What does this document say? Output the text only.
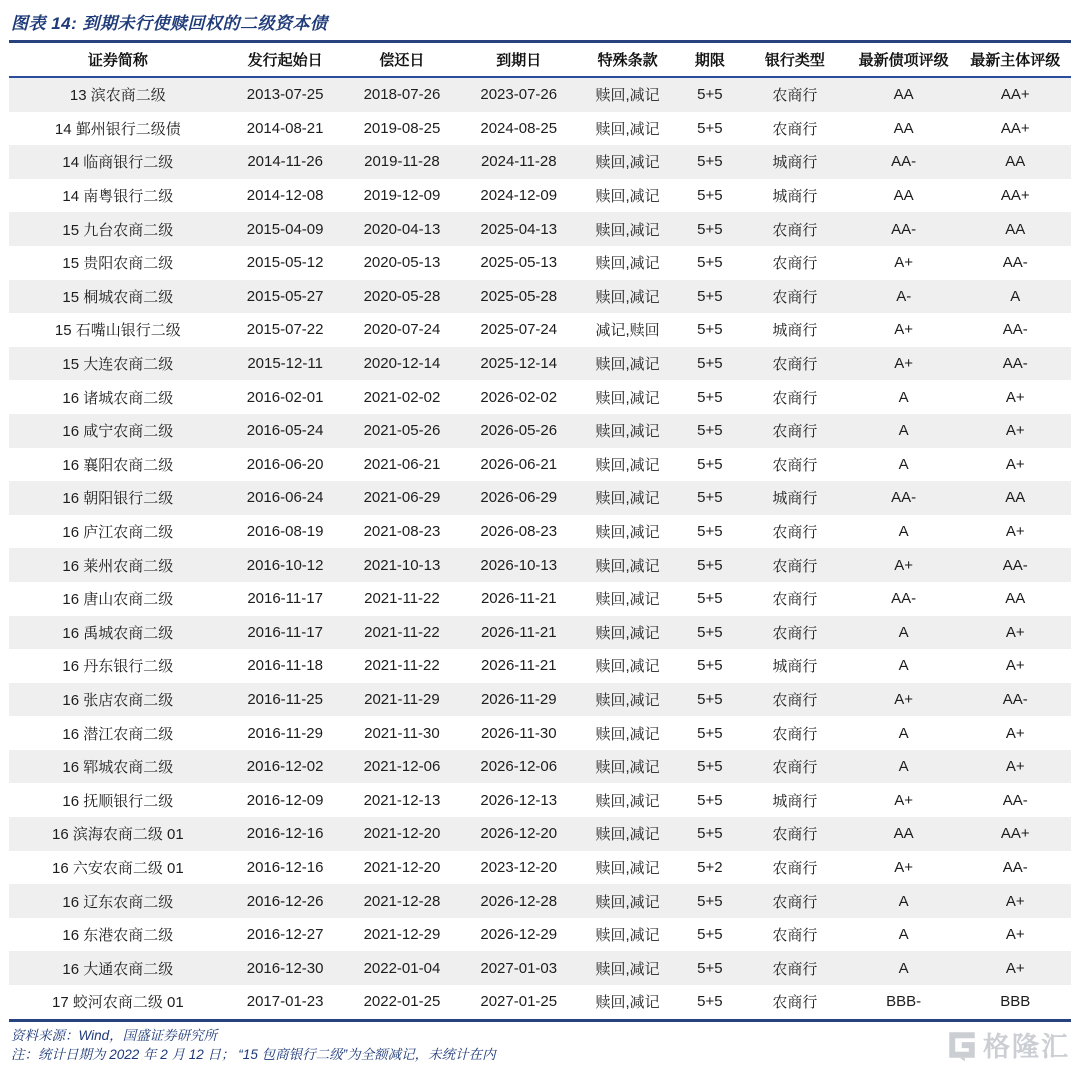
图表 14: 到期未行使赎回权的二级资本债
证券简称	发行起始日	偿还日	到期日	特殊条款	期限	银行类型	最新债项评级	最新主体评级
13 滨农商二级	2013-07-25	2018-07-26	2023-07-26	赎回,减记	5+5	农商行	AA	AA+
14 鄞州银行二级债	2014-08-21	2019-08-25	2024-08-25	赎回,减记	5+5	农商行	AA	AA+
14 临商银行二级	2014-11-26	2019-11-28	2024-11-28	赎回,减记	5+5	城商行	AA-	AA
14 南粤银行二级	2014-12-08	2019-12-09	2024-12-09	赎回,减记	5+5	城商行	AA	AA+
15 九台农商二级	2015-04-09	2020-04-13	2025-04-13	赎回,减记	5+5	农商行	AA-	AA
15 贵阳农商二级	2015-05-12	2020-05-13	2025-05-13	赎回,减记	5+5	农商行	A+	AA-
15 桐城农商二级	2015-05-27	2020-05-28	2025-05-28	赎回,减记	5+5	农商行	A-	A
15 石嘴山银行二级	2015-07-22	2020-07-24	2025-07-24	减记,赎回	5+5	城商行	A+	AA-
15 大连农商二级	2015-12-11	2020-12-14	2025-12-14	赎回,减记	5+5	农商行	A+	AA-
16 诸城农商二级	2016-02-01	2021-02-02	2026-02-02	赎回,减记	5+5	农商行	A	A+
16 咸宁农商二级	2016-05-24	2021-05-26	2026-05-26	赎回,减记	5+5	农商行	A	A+
16 襄阳农商二级	2016-06-20	2021-06-21	2026-06-21	赎回,减记	5+5	农商行	A	A+
16 朝阳银行二级	2016-06-24	2021-06-29	2026-06-29	赎回,减记	5+5	城商行	AA-	AA
16 庐江农商二级	2016-08-19	2021-08-23	2026-08-23	赎回,减记	5+5	农商行	A	A+
16 莱州农商二级	2016-10-12	2021-10-13	2026-10-13	赎回,减记	5+5	农商行	A+	AA-
16 唐山农商二级	2016-11-17	2021-11-22	2026-11-21	赎回,减记	5+5	农商行	AA-	AA
16 禹城农商二级	2016-11-17	2021-11-22	2026-11-21	赎回,减记	5+5	农商行	A	A+
16 丹东银行二级	2016-11-18	2021-11-22	2026-11-21	赎回,减记	5+5	城商行	A	A+
16 张店农商二级	2016-11-25	2021-11-29	2026-11-29	赎回,减记	5+5	农商行	A+	AA-
16 潜江农商二级	2016-11-29	2021-11-30	2026-11-30	赎回,减记	5+5	农商行	A	A+
16 郓城农商二级	2016-12-02	2021-12-06	2026-12-06	赎回,减记	5+5	农商行	A	A+
16 抚顺银行二级	2016-12-09	2021-12-13	2026-12-13	赎回,减记	5+5	城商行	A+	AA-
16 滨海农商二级 01	2016-12-16	2021-12-20	2026-12-20	赎回,减记	5+5	农商行	AA	AA+
16 六安农商二级 01	2016-12-16	2021-12-20	2023-12-20	赎回,减记	5+2	农商行	A+	AA-
16 辽东农商二级	2016-12-26	2021-12-28	2026-12-28	赎回,减记	5+5	农商行	A	A+
16 东港农商二级	2016-12-27	2021-12-29	2026-12-29	赎回,减记	5+5	农商行	A	A+
16 大通农商二级	2016-12-30	2022-01-04	2027-01-03	赎回,减记	5+5	农商行	A	A+
17 蛟河农商二级 01	2017-01-23	2022-01-25	2027-01-25	赎回,减记	5+5	农商行	BBB-	BBB
资料来源：Wind，国盛证券研究所
注：统计日期为 2022 年 2 月 12 日； “15 包商银行二级”为全额减记，未统计在内	格隆汇
